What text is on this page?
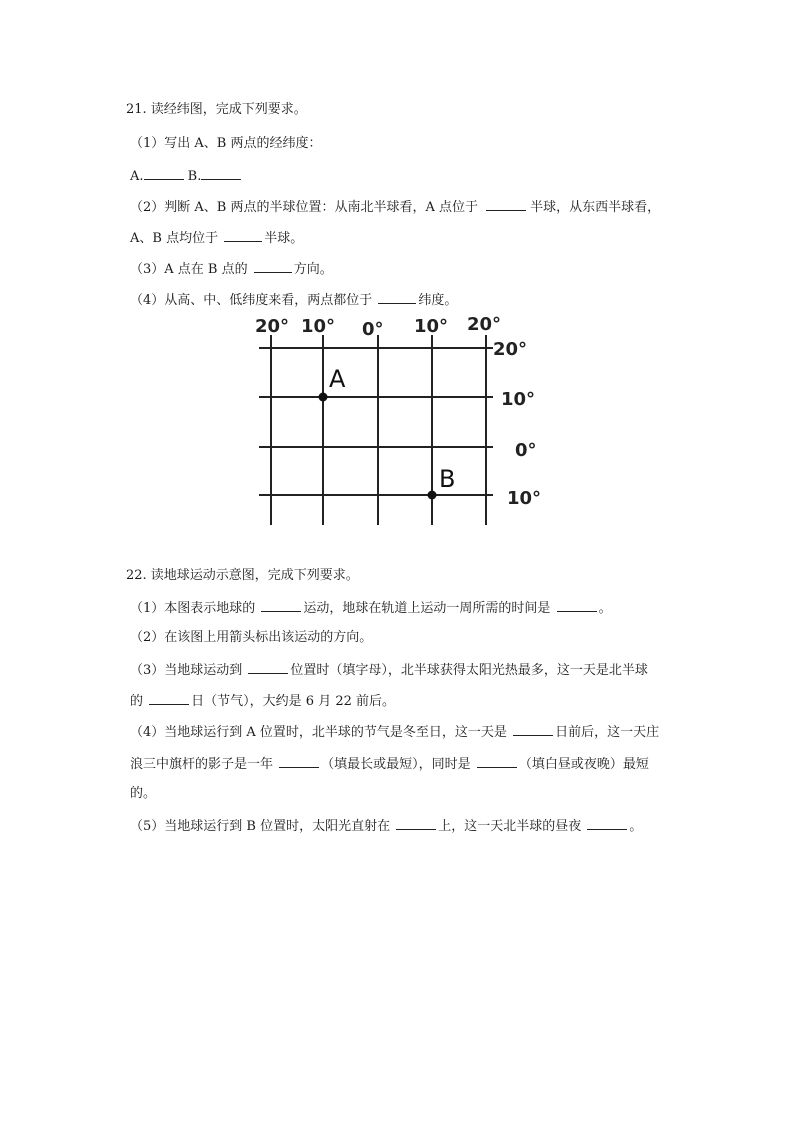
21. 读经纬图，完成下列要求。
（1）写出 A、B 两点的经纬度：
A.	B.
（2）判断 A、B 两点的半球位置：从南北半球看，A 点位于	半球，从东西半球看，
A、B 点均位于	半球。
（3）A 点在 B 点的	方向。
（4）从高、中、低纬度来看，两点都位于	纬度。
20° 10° 0° 10° 20°
20°
10°
0°
10°
A
B
22. 读地球运动示意图，完成下列要求。
（1）本图表示地球的	运动，地球在轨道上运动一周所需的时间是	。
（2）在该图上用箭头标出该运动的方向。
（3）当地球运动到	位置时（填字母），北半球获得太阳光热最多，这一天是北半球
的	日（节气），大约是 6 月 22 前后。
（4）当地球运行到 A 位置时，北半球的节气是冬至日，这一天是	日前后，这一天庄
浪三中旗杆的影子是一年	（填最长或最短），同时是	（填白昼或夜晚）最短
的。
（5）当地球运行到 B 位置时，太阳光直射在	上，这一天北半球的昼夜	。
